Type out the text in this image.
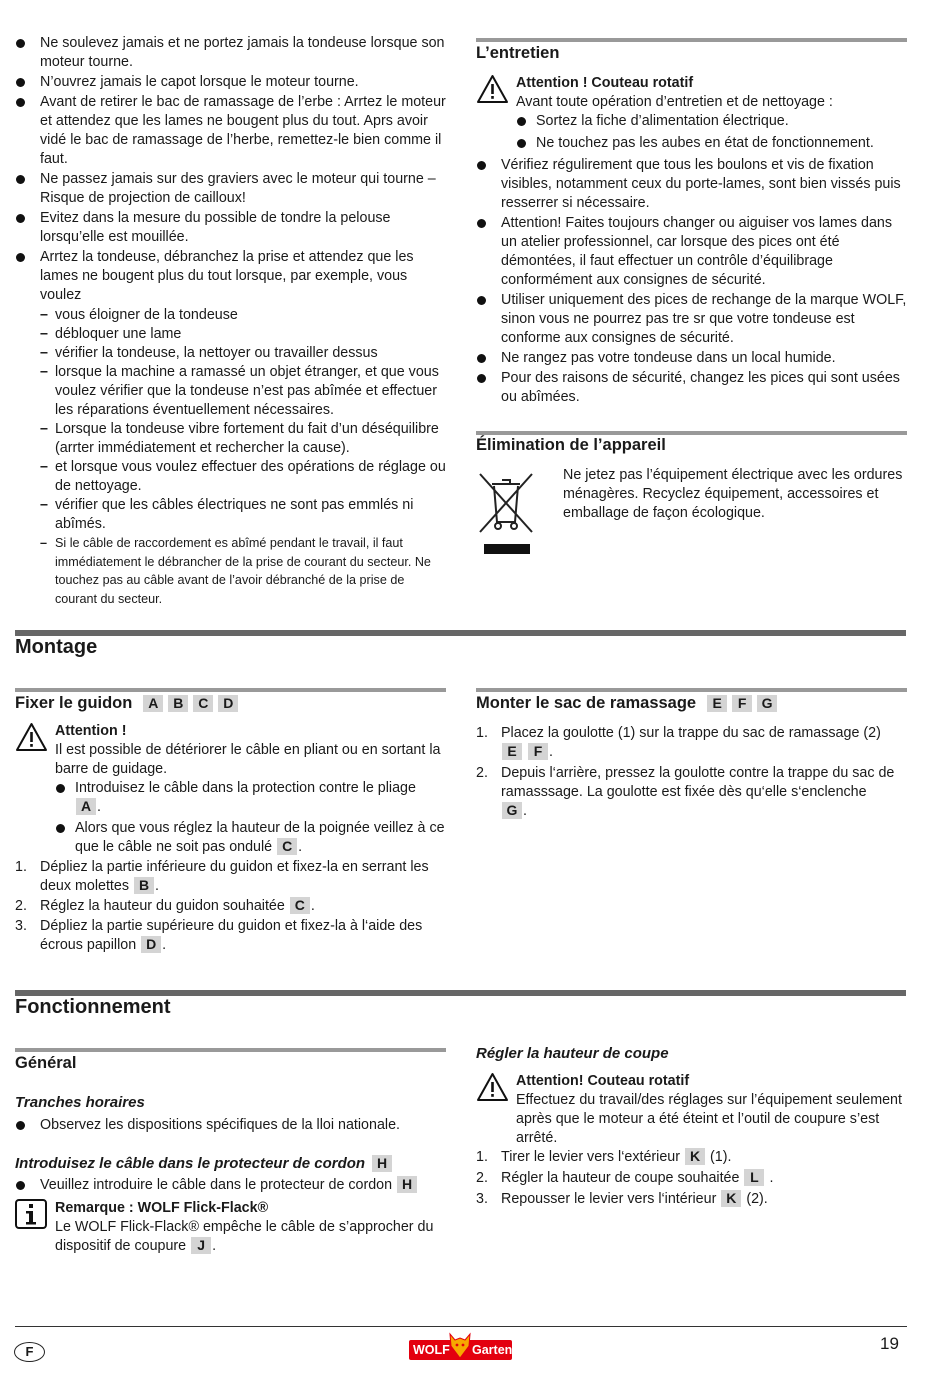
Ne soulevez jamais et ne portez jamais la tondeuse lorsque son moteur tourne.
N’ouvrez jamais le capot lorsque le moteur tourne.
Avant de retirer le bac de ramassage de l’erbe : Arrtez le moteur et attendez que les lames ne bougent plus du tout. Aprs avoir vidé le bac de ramassage de l’herbe, remettez-le bien comme il faut.
Ne passez jamais sur des graviers avec le moteur qui tourne – Risque de projection de cailloux!
Evitez dans la mesure du possible de tondre la pelouse lorsqu’elle est mouillée.
Arrtez la tondeuse, débranchez la prise et attendez que les lames ne bougent plus du tout lorsque, par exemple, vous voulez
– vous éloigner de la tondeuse
– débloquer une lame
– vérifier la tondeuse, la nettoyer ou travailler dessus
– lorsque la machine a ramassé un objet étranger, et que vous voulez vérifier que la tondeuse n’est pas abîmée et effectuer les réparations éventuellement nécessaires.
– Lorsque la tondeuse vibre fortement du fait d’un déséquilibre (arrter immédiatement et rechercher la cause).
– et lorsque vous voulez effectuer des opérations de réglage ou de nettoyage.
– vérifier que les câbles électriques ne sont pas emmlés ni abîmés.
– Si le câble de raccordement es abîmé pendant le travail, il faut immédiatement le débrancher de la prise de courant du secteur. Ne touchez pas au câble avant de l’avoir débranché de la prise de courant du secteur.
L’entretien
Attention ! Couteau rotatif
Avant toute opération d’entretien et de nettoyage :
Sortez la fiche d’alimentation électrique.
Ne touchez pas les aubes en état de fonctionnement.
Vérifiez régulirement que tous les boulons et vis de fixation visibles, notamment ceux du porte-lames, sont bien vissés puis resserrer si nécessaire.
Attention! Faites toujours changer ou aiguiser vos lames dans un atelier professionnel, car lorsque des pices ont été démontées, il faut effectuer un contrôle d’équilibrage conformément aux consignes de sécurité.
Utiliser uniquement des pices de rechange de la marque WOLF, sinon vous ne pourrez pas tre sr que votre tondeuse est conforme aux consignes de sécurité.
Ne rangez pas votre tondeuse dans un local humide.
Pour des raisons de sécurité, changez les pices qui sont usées ou abîmées.
Élimination de l’appareil
Ne jetez pas l’équipement électrique avec les ordures ménagères. Recyclez équipement, accessoires et emballage de façon écologique.
Montage
Fixer le guidon	A	B	C	D
Attention !
Il est possible de détériorer le câble en pliant ou en sortant la barre de guidage.
Introduisez le câble dans la protection contre le pliage
A .
Alors que vous réglez la hauteur de la poignée veillez à ce que le câble ne soit pas ondulé C .
1. Dépliez la partie inférieure du guidon et fixez-la en serrant les deux molettes B .
2. Réglez la hauteur du guidon souhaitée C .
3. Dépliez la partie supérieure du guidon et fixez-la à l‘aide des écrous papillon D .
Monter le sac de ramassage	E	F	G
1. Placez la goulotte (1) sur la trappe du sac de ramassage (2)
E F .
2. Depuis l‘arrière, pressez la goulotte contre la trappe du sac de ramasssage. La goulotte est fixée dès qu‘elle s‘enclenche
G .
Fonctionnement
Général
Tranches horaires
Observez les dispositions spécifiques de la lloi nationale.
Introduisez le câble dans le protecteur de cordon H
Veuillez introduire le câble dans le protecteur de cordon H
Remarque : WOLF Flick-Flack®
Le WOLF Flick-Flack® empêche le câble de s’approcher du dispositif de coupure J .
Régler la hauteur de coupe
Attention! Couteau rotatif
Effectuez du travail/des réglages sur l’équipement seulement après que le moteur a été éteint et l’outil de coupure s’est arrêté.
1. Tirer le levier vers l‘extérieur K (1).
2. Régler la hauteur de coupe souhaitée L .
3. Repousser le levier vers l‘intérieur K (2).
F	WOLF Garten	19
